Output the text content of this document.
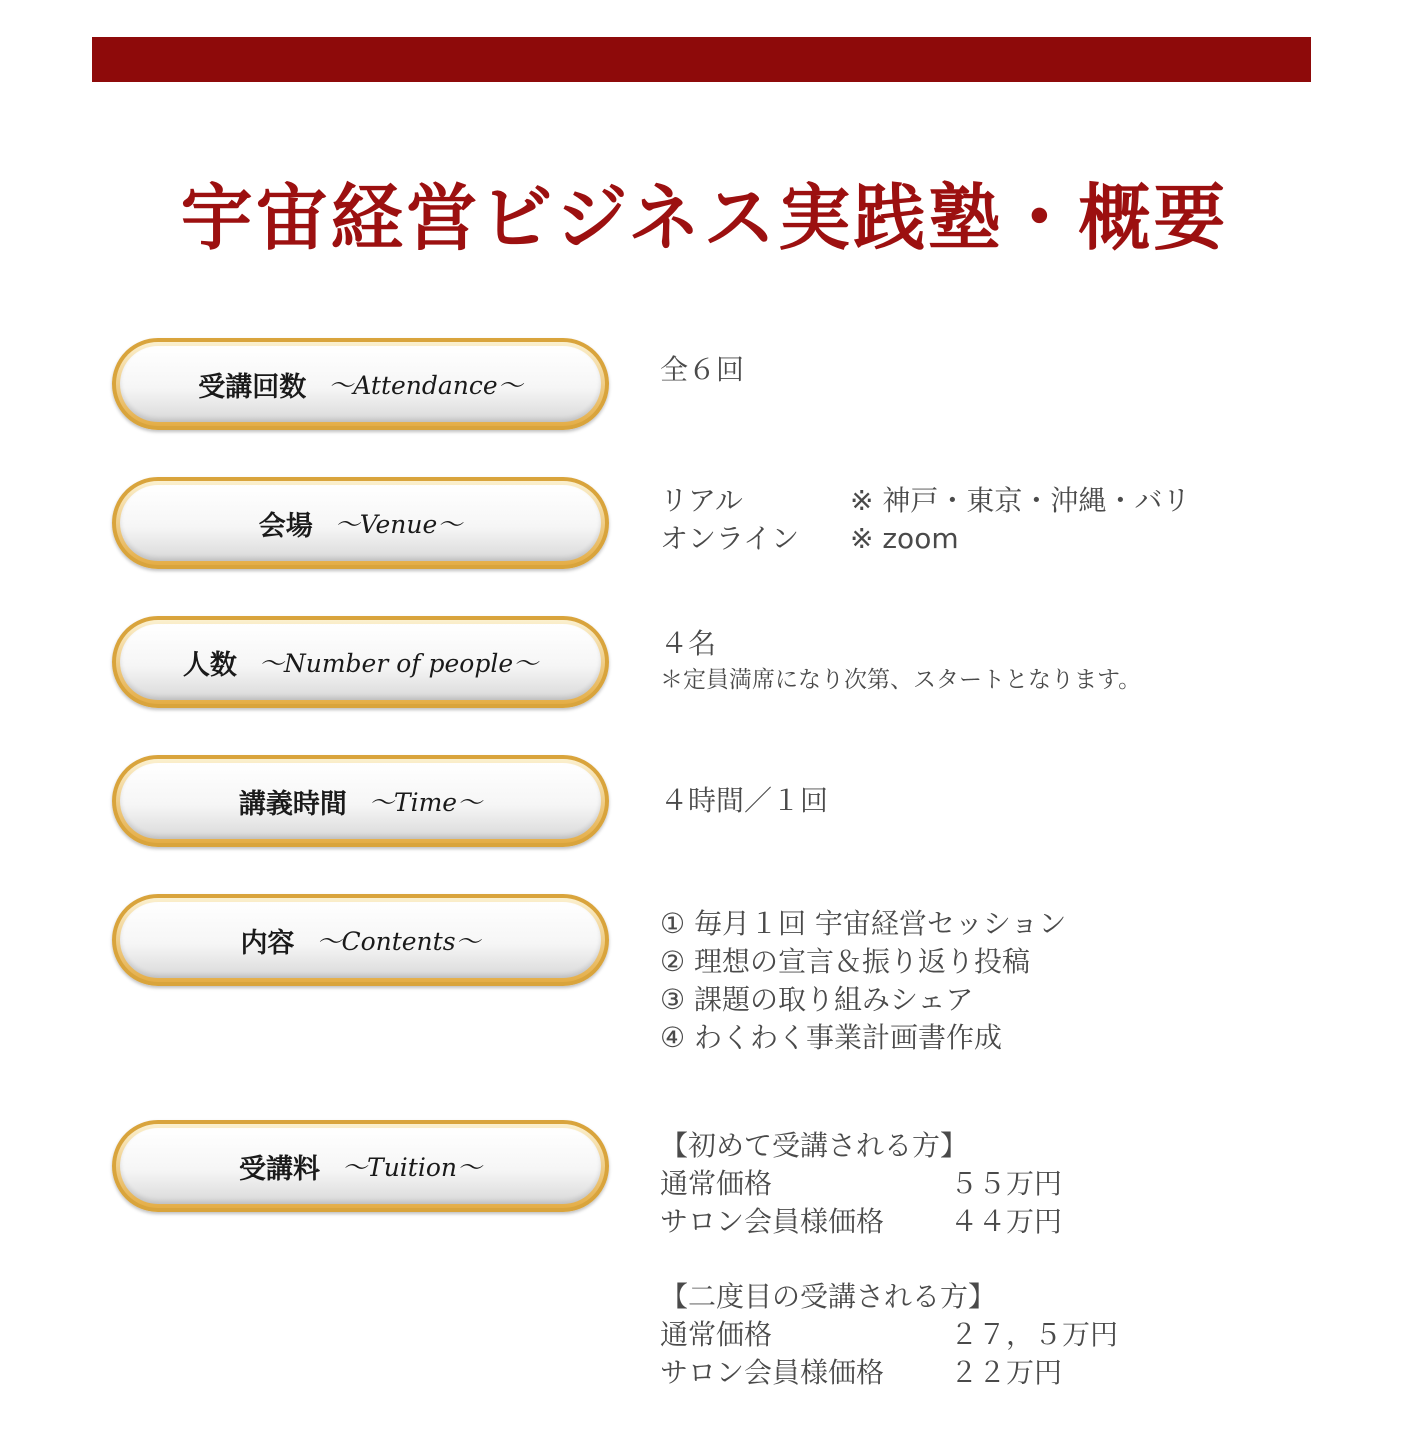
宇宙経営ビジネス実践塾・概要
受講回数 ～Attendance～	全６回
会場 ～Venue～
リアル	※ 神戸・東京・沖縄・バリ
オンライン	※ zoom
人数 ～Number of people～
４名
＊定員満席になり次第、スタートとなります。
講義時間 ～Time～	４時間／１回
内容 ～Contents～
① 毎月１回 宇宙経営セッション
② 理想の宣言＆振り返り投稿
③ 課題の取り組みシェア
④ わくわく事業計画書作成
受講料 ～Tuition～
【初めて受講される方】
通常価格	５５万円
サロン会員様価格	４４万円
【二度目の受講される方】
通常価格	２７，５万円
サロン会員様価格	２２万円
